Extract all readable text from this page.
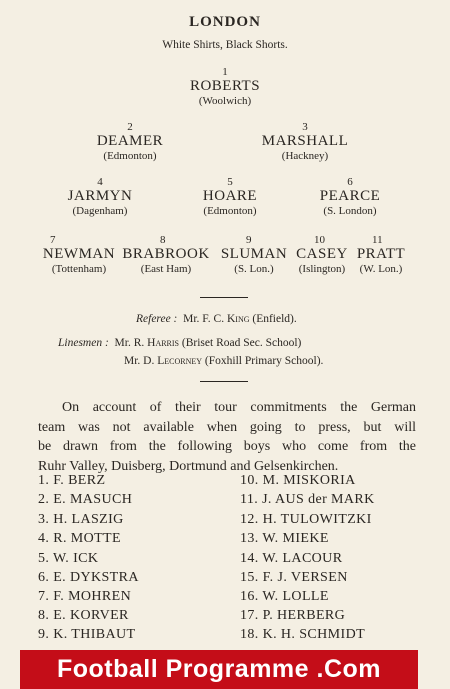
LONDON
White Shirts, Black Shorts.
1
ROBERTS
(Woolwich)
2
DEAMER
(Edmonton)
3
MARSHALL
(Hackney)
4
JARMYN
(Dagenham)
5
HOARE
(Edmonton)
6
PEARCE
(S. London)
7
NEWMAN
(Tottenham)
8
BRABROOK
(East Ham)
9
SLUMAN
(S. Lon.)
10
CASEY
(Islington)
11
PRATT
(W. Lon.)
Referee : Mr. F. C. King (Enfield).
Linesmen : Mr. R. Harris (Briset Road Sec. School)
Mr. D. Lecorney (Foxhill Primary School).
On account of their tour commitments the German
team was not available when going to press, but will
be drawn from the following boys who come from the
Ruhr Valley, Duisberg, Dortmund and Gelsenkirchen.
1. F. BERZ
2. E. MASUCH
3. H. LASZIG
4. R. MOTTE
5. W. ICK
6. E. DYKSTRA
7. F. MOHREN
8. E. KORVER
9. K. THIBAUT
10. M. MISKORIA
11. J. AUS der MARK
12. H. TULOWITZKI
13. W. MIEKE
14. W. LACOUR
15. F. J. VERSEN
16. W. LOLLE
17. P. HERBERG
18. K. H. SCHMIDT
Football Programme .Com
